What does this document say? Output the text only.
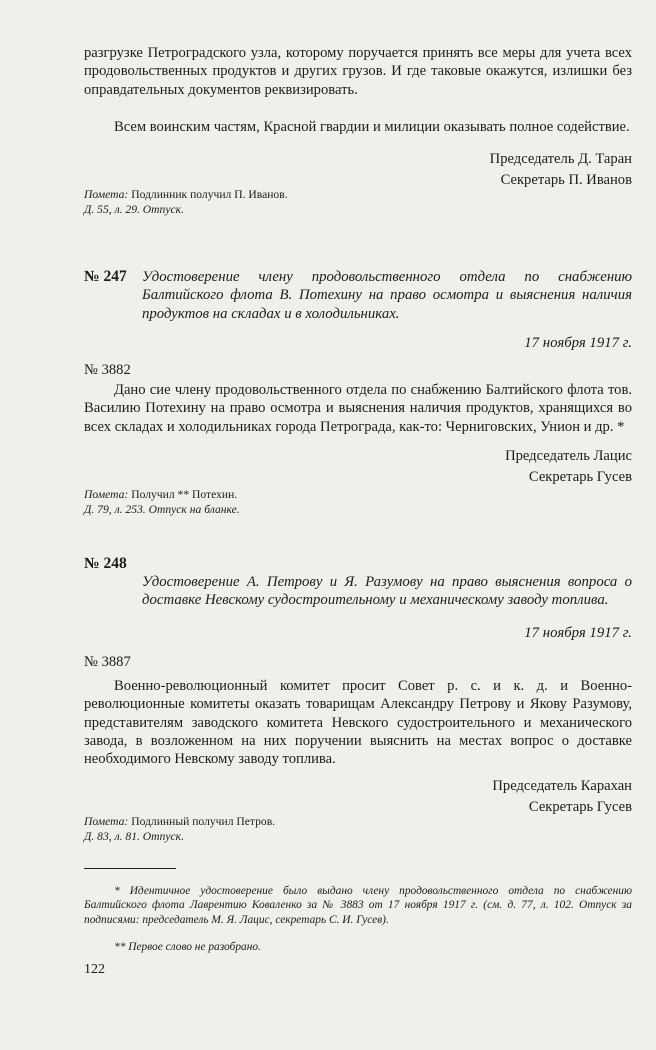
разгрузке Петроградского узла, которому поручается принять все меры для учета всех продовольственных продуктов и других грузов. И где таковые окажутся, излишки без оправдательных документов реквизировать.

Всем воинским частям, Красной гвардии и милиции оказывать полное содействие.

Председатель Д. Таран

Секретарь П. Иванов

Помета: Подлинник получил П. Иванов.

Д. 55, л. 29. Отпуск.

№ 247	Удостоверение члену продовольственного отдела по снабжению Балтийского флота В. Потехину на право осмотра и выяснения наличия продуктов на складах и в холодильниках.
17 ноября 1917 г.
№ 3882
Дано сие члену продовольственного отдела по снабжению Балтийского флота тов. Василию Потехину на право осмотра и выяснения наличия продуктов, хранящихся во всех складах и холодильниках города Петрограда, как-то: Черниговских, Унион и др. *

Председатель Лацис

Секретарь Гусев

Помета: Получил ** Потехин.

Д. 79, л. 253. Отпуск на бланке.

№ 248
Удостоверение А. Петрову и Я. Разумову на право выяснения вопроса о доставке Невскому судостроительному и механическому заводу топлива.
17 ноября 1917 г.
№ 3887
Военно-революционный комитет просит Совет р. с. и к. д. и Военно-революционные комитеты оказать товарищам Александру Петрову и Якову Разумову, представителям заводского комитета Невского судостроительного и механического завода, в возложенном на них поручении выяснить на местах вопрос о доставке необходимого Невскому заводу топлива.

Председатель Карахан

Секретарь Гусев

Помета: Подлинный получил Петров.

Д. 83, л. 81. Отпуск.

* Идентичное удостоверение было выдано члену продовольственного отдела по снабжению Балтийского флота Лаврентию Коваленко за № 3883 от 17 ноября 1917 г. (см. д. 77, л. 102. Отпуск за подписями: председатель М. Я. Лацис, секретарь С. И. Гусев).
** Первое слово не разобрано.
122
